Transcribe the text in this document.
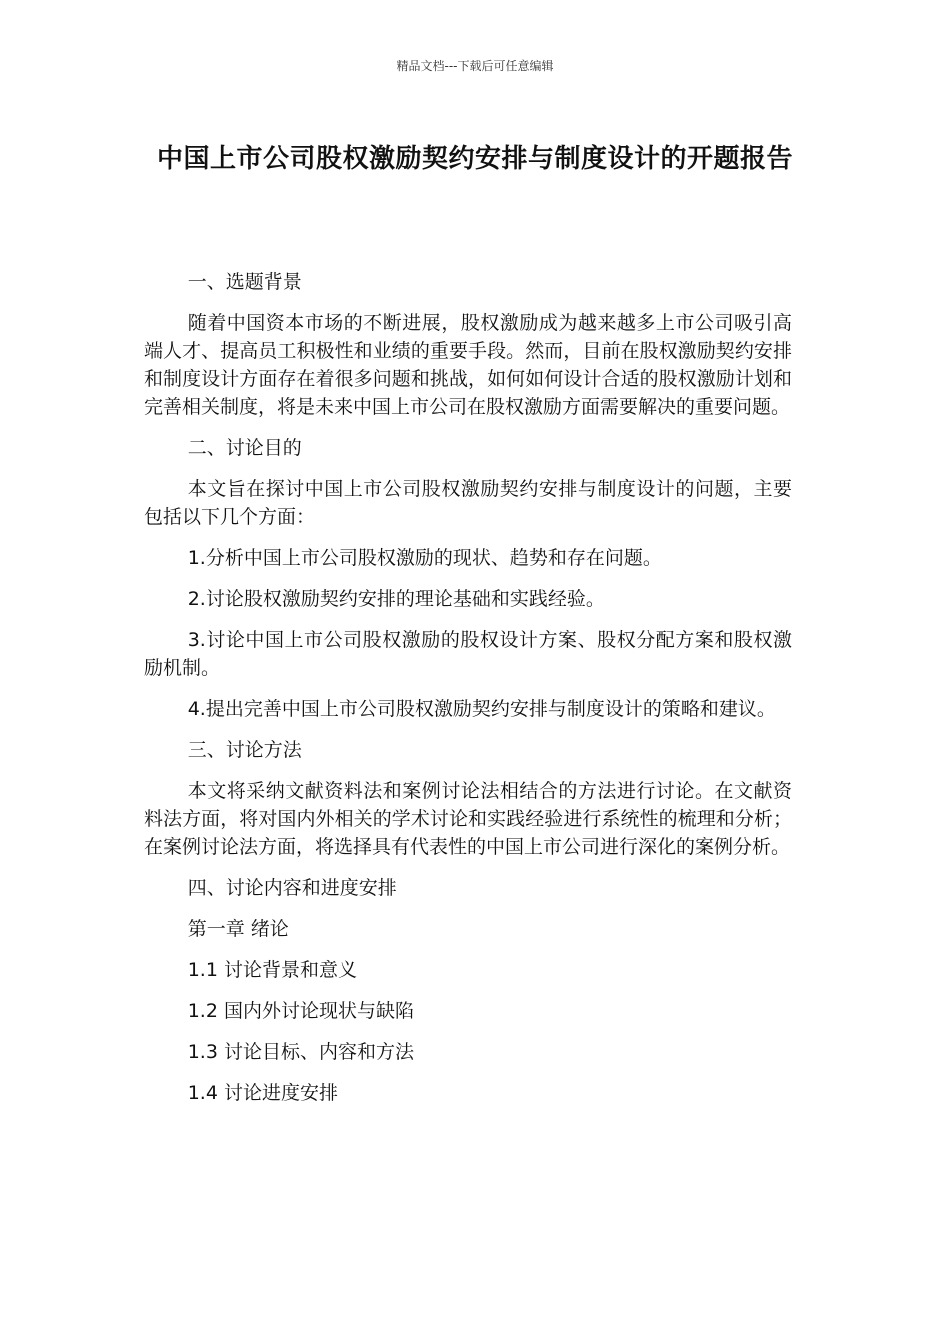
精品文档---下载后可任意编辑
中国上市公司股权激励契约安排与制度设计的开题报告

一、选题背景

随着中国资本市场的不断进展，股权激励成为越来越多上市公司吸引高端人才、提高员工积极性和业绩的重要手段。然而，目前在股权激励契约安排和制度设计方面存在着很多问题和挑战，如何如何设计合适的股权激励计划和完善相关制度，将是未来中国上市公司在股权激励方面需要解决的重要问题。

二、讨论目的

本文旨在探讨中国上市公司股权激励契约安排与制度设计的问题，主要包括以下几个方面：

1.分析中国上市公司股权激励的现状、趋势和存在问题。

2.讨论股权激励契约安排的理论基础和实践经验。

3.讨论中国上市公司股权激励的股权设计方案、股权分配方案和股权激励机制。

4.提出完善中国上市公司股权激励契约安排与制度设计的策略和建议。

三、讨论方法

本文将采纳文献资料法和案例讨论法相结合的方法进行讨论。在文献资料法方面，将对国内外相关的学术讨论和实践经验进行系统性的梳理和分析；在案例讨论法方面，将选择具有代表性的中国上市公司进行深化的案例分析。

四、讨论内容和进度安排

第一章 绪论

1.1 讨论背景和意义

1.2 国内外讨论现状与缺陷

1.3 讨论目标、内容和方法

1.4 讨论进度安排
